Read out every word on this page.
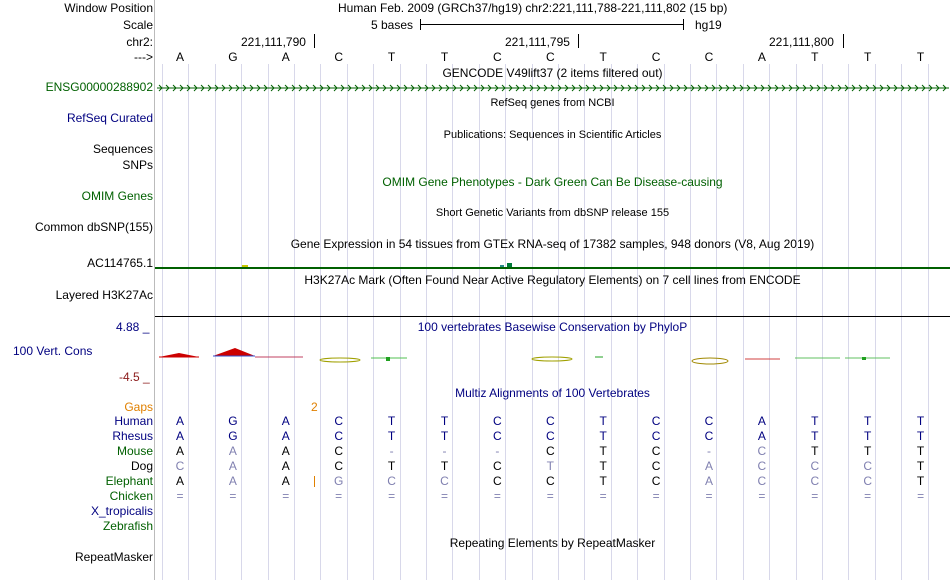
Window Position
Scale
chr2:
--->
Human Feb. 2009 (GRCh37/hg19) chr2:221,111,788-221,111,802 (15 bp)
5 bases	hg19
221,111,790	221,111,795	221,111,800
A	G	A	C	T	T	C	C	T	C	C	A	T	T	T
GENCODE V49lift37 (2 items filtered out)
ENSG00000288902
RefSeq genes from NCBI
RefSeq Curated
Publications: Sequences in Scientific Articles
Sequences
SNPs
OMIM Gene Phenotypes - Dark Green Can Be Disease-causing
OMIM Genes
Short Genetic Variants from dbSNP release 155
Common dbSNP(155)
Gene Expression in 54 tissues from GTEx RNA-seq of 17382 samples, 948 donors (V8, Aug 2019)
AC114765.1
H3K27Ac Mark (Often Found Near Active Regulatory Elements) on 7 cell lines from ENCODE
Layered H3K27Ac
100 vertebrates Basewise Conservation by PhyloP
4.88 _
100 Vert. Cons
-4.5 _
Multiz Alignments of 100 Vertebrates
Gaps	2
Human	A	G	A	C	T	T	C	C	T	C	C	A	T	T	T
Rhesus	A	G	A	C	T	T	C	C	T	C	C	A	T	T	T
Mouse	A	A	A	C	-	-	-	C	T	C	-	C	T	T	T
Dog	C	A	A	C	T	T	C	T	T	C	A	C	C	C	T
Elephant	A	A	A	G	C	C	C	C	T	C	A	C	C	C	T
Chicken	=	=	=	=	=	=	=	=	=	=	=	=	=	=	=
X_tropicalis
Zebrafish
Repeating Elements by RepeatMasker
RepeatMasker
